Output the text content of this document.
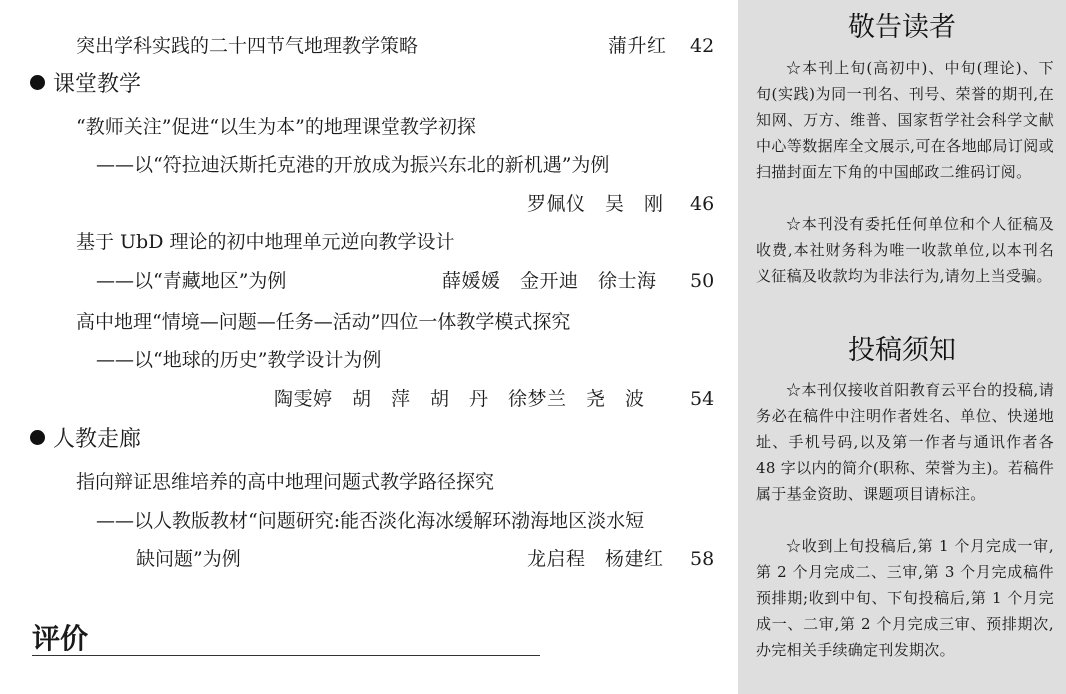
突出学科实践的二十四节气地理教学策略	蒲升红 42
课堂教学
“教师关注”促进“以生为本”的地理课堂教学初探
——以“符拉迪沃斯托克港的开放成为振兴东北的新机遇”为例
罗佩仪　吴　刚 46
基于 UbD 理论的初中地理单元逆向教学设计
——以“青藏地区”为例	薛媛媛　金开迪　徐士海 50
高中地理“情境—问题—任务—活动”四位一体教学模式探究
——以“地球的历史”教学设计为例
陶雯婷　胡　萍　胡　丹　徐梦兰　尧　波 54
人教走廊
指向辩证思维培养的高中地理问题式教学路径探究
——以人教版教材“问题研究:能否淡化海冰缓解环渤海地区淡水短
缺问题”为例	龙启程　杨建红 58
评价
敬告读者
☆本刊上旬(高初中)、中旬(理论)、下旬(实践)为同一刊名、刊号、荣誉的期刊,在知网、万方、维普、国家哲学社会科学文献中心等数据库全文展示,可在各地邮局订阅或扫描封面左下角的中国邮政二维码订阅。
☆本刊没有委托任何单位和个人征稿及收费,本社财务科为唯一收款单位,以本刊名义征稿及收款均为非法行为,请勿上当受骗。
投稿须知
☆本刊仅接收首阳教育云平台的投稿,请务必在稿件中注明作者姓名、单位、快递地址、手机号码,以及第一作者与通讯作者各 48 字以内的简介(职称、荣誉为主)。若稿件属于基金资助、课题项目请标注。
☆收到上旬投稿后,第 1 个月完成一审,第 2 个月完成二、三审,第 3 个月完成稿件预排期;收到中旬、下旬投稿后,第 1 个月完成一、二审,第 2 个月完成三审、预排期次,办完相关手续确定刊发期次。
